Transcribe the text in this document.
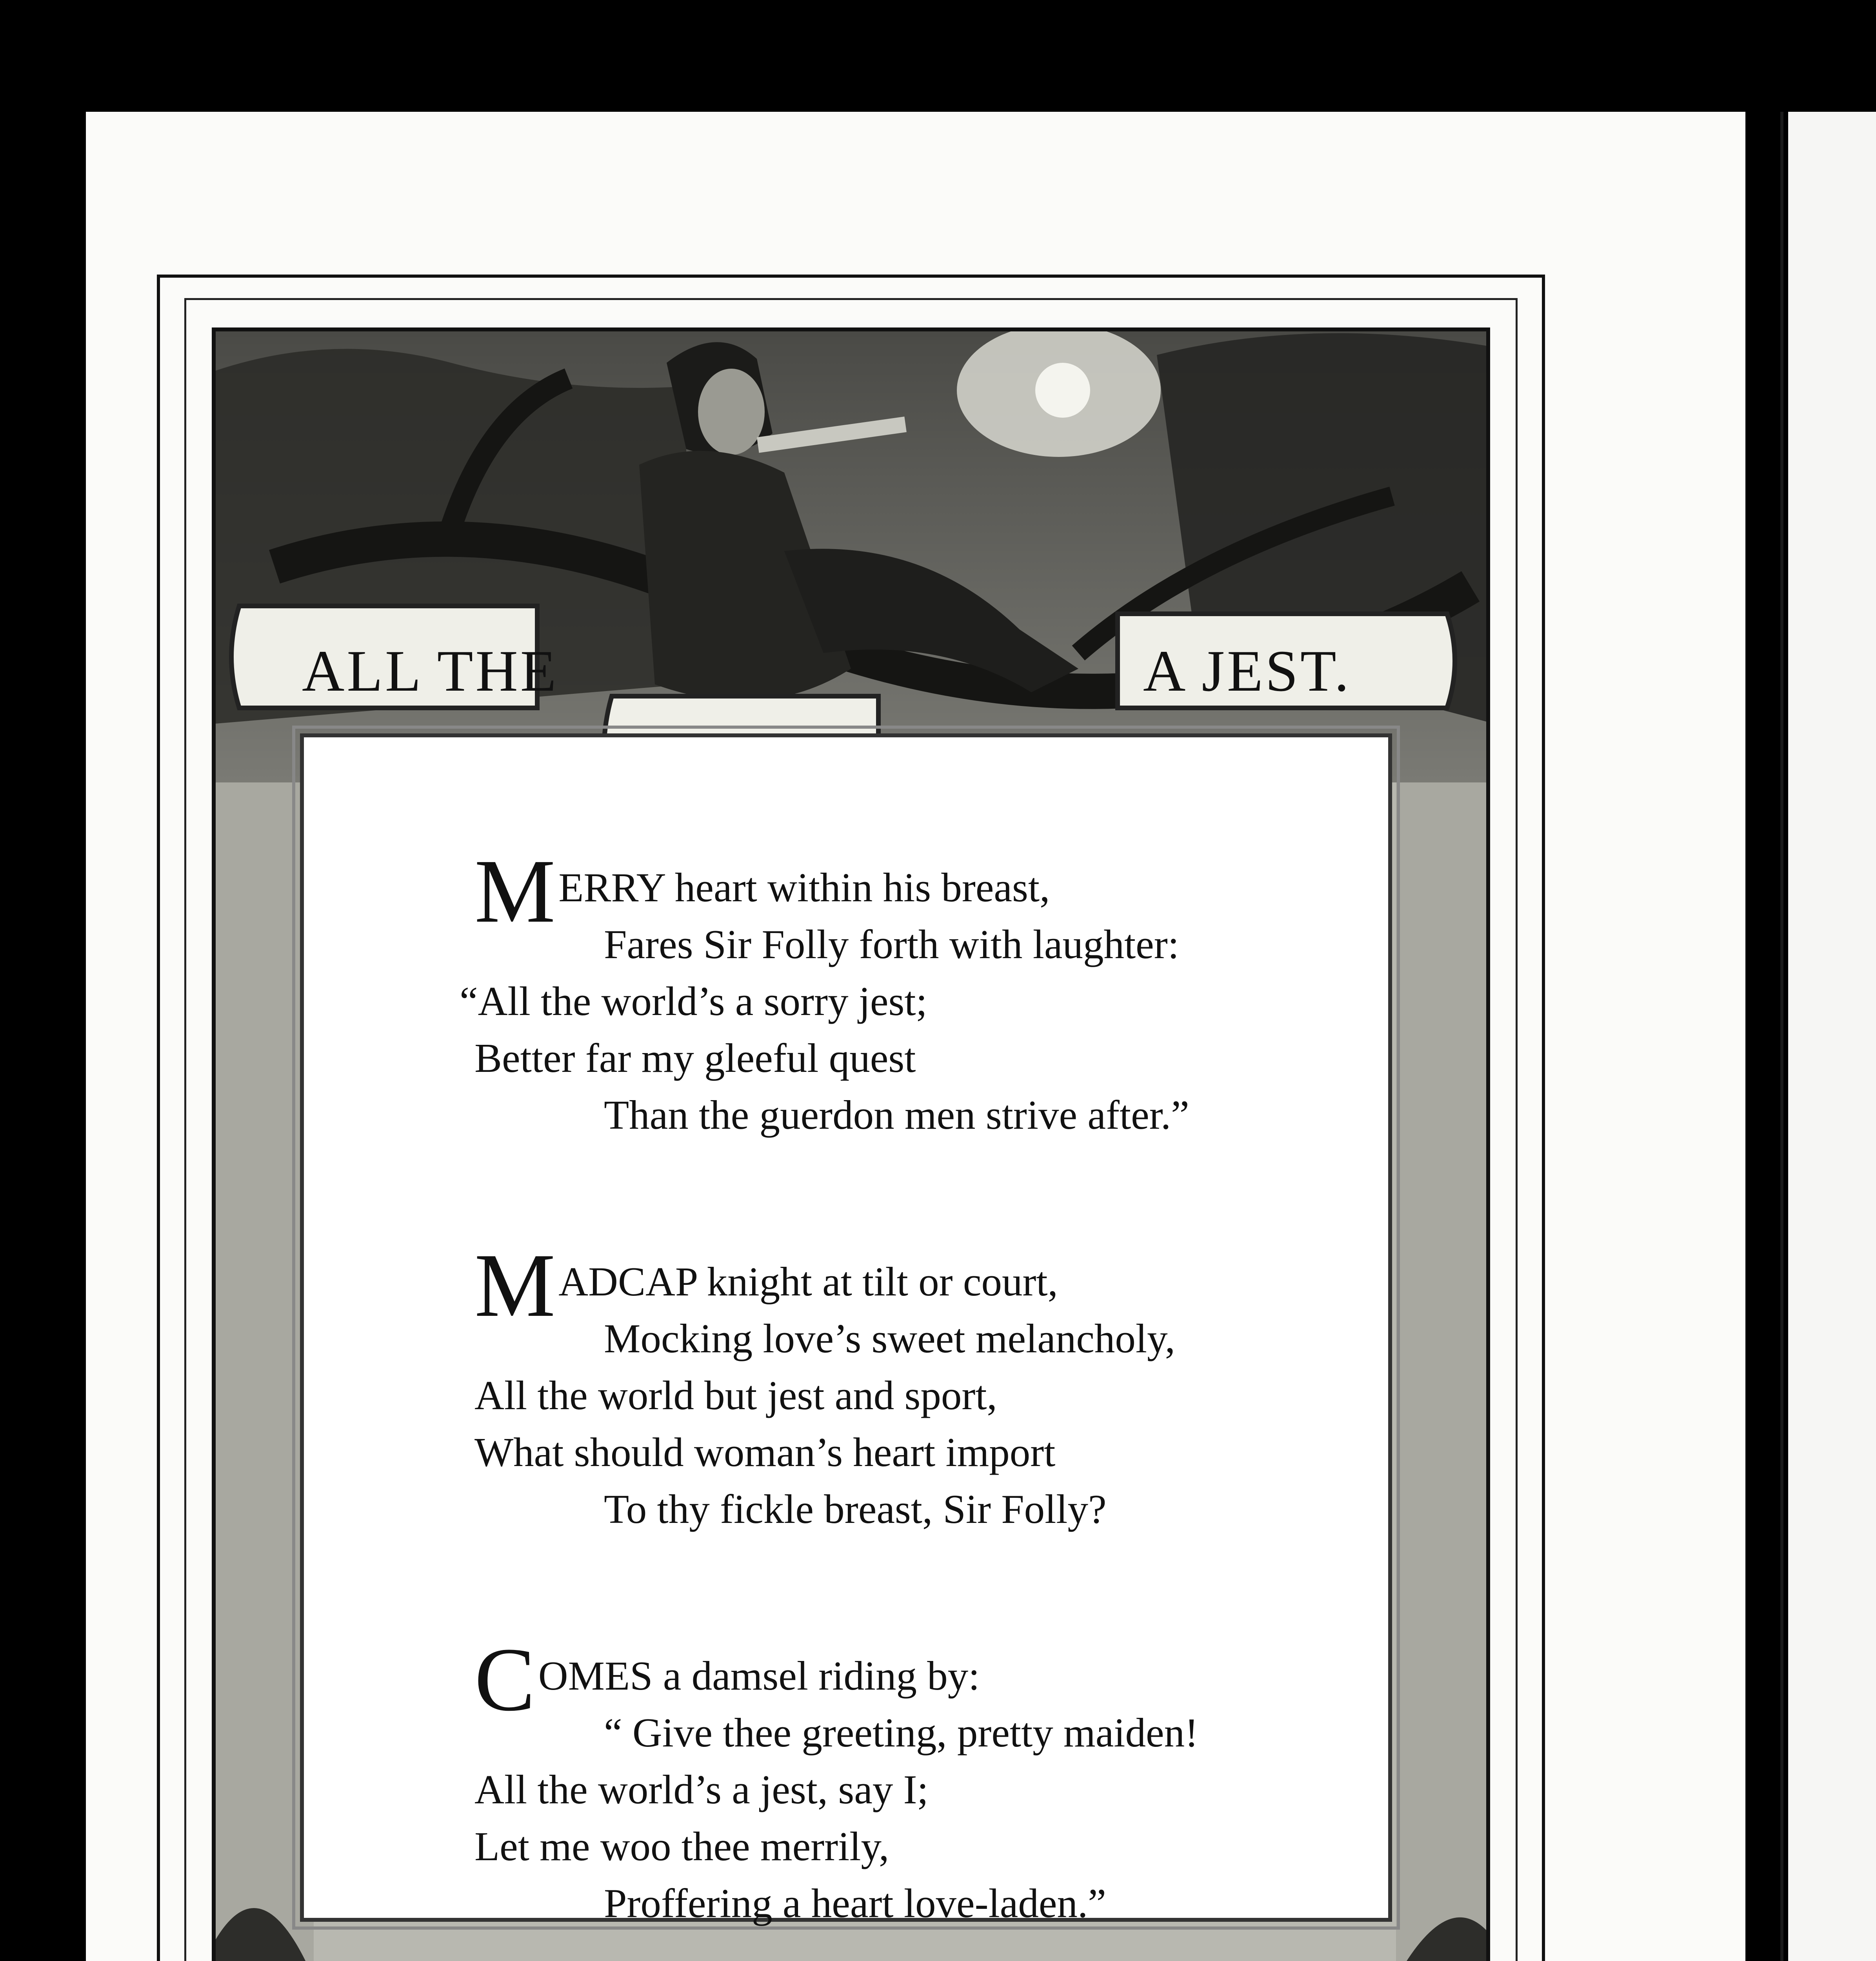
ALL THE	A JEST.
MERRY heart within his breast,
Fares Sir Folly forth with laughter:
“All the world’s a sorry jest;
Better far my gleeful quest
Than the guerdon men strive after.”
MADCAP knight at tilt or court,
Mocking love’s sweet melancholy,
All the world but jest and sport,
What should woman’s heart import
To thy fickle breast, Sir Folly?
COMES a damsel riding by:
“ Give thee greeting, pretty maiden!
All the world’s a jest, say I;
Let me woo thee merrily,
Proffering a heart love-laden.”
